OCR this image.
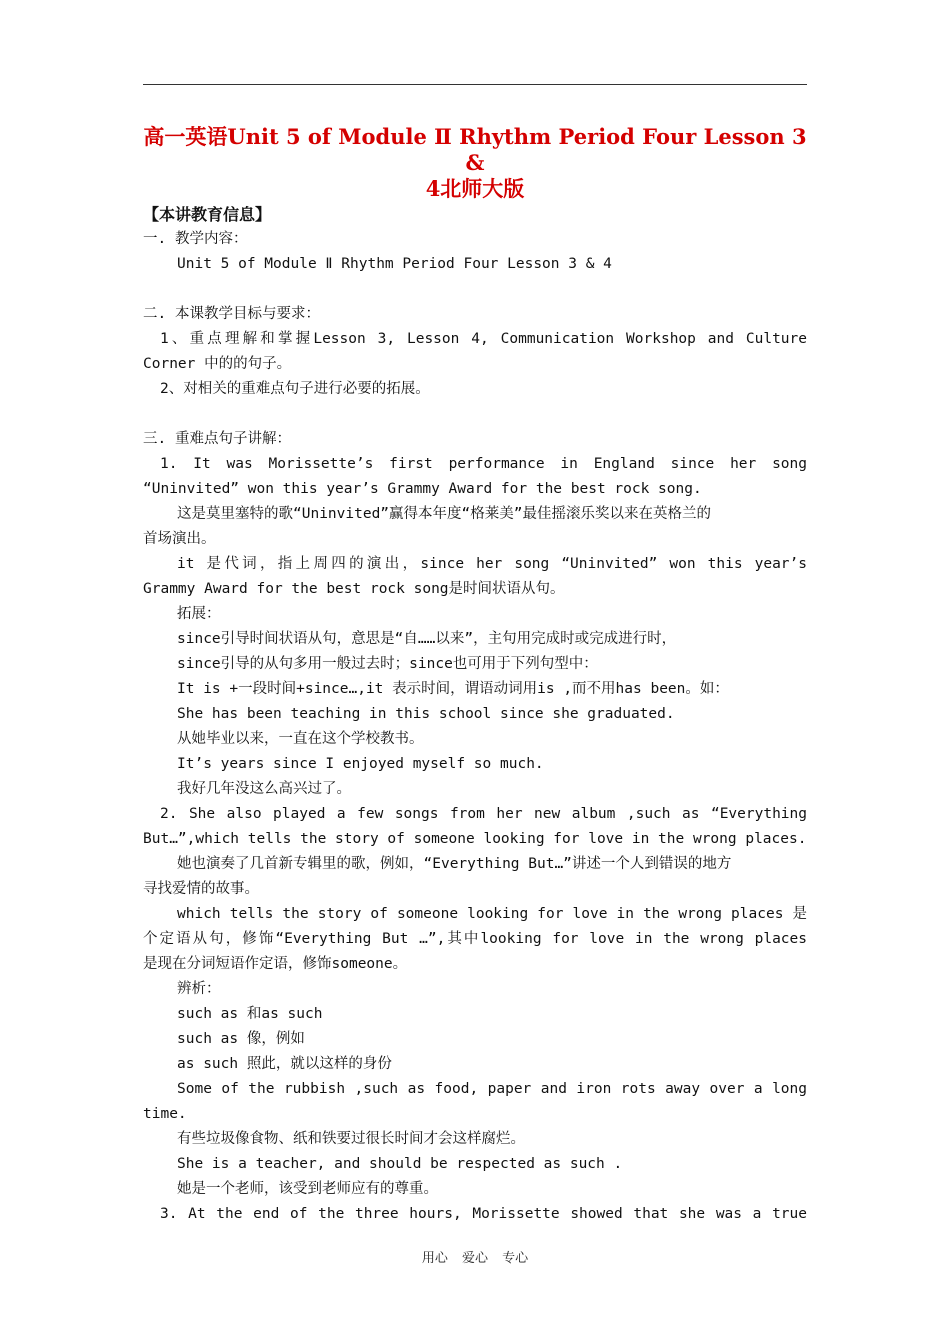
高一英语Unit 5 of Module Ⅱ Rhythm Period Four Lesson 3 &
4北师大版
【本讲教育信息】
一. 教学内容：
Unit 5 of Module Ⅱ Rhythm Period Four Lesson 3 & 4
二. 本课教学目标与要求：
1、重点理解和掌握Lesson 3, Lesson 4, Communication Workshop and Culture
Corner 中的的句子。
2、对相关的重难点句子进行必要的拓展。
三. 重难点句子讲解：
1. It was Morissette’s first performance in England since her song
“Uninvited” won this year’s Grammy Award for the best rock song.
这是莫里塞特的歌“Uninvited”赢得本年度“格莱美”最佳摇滚乐奖以来在英格兰的
首场演出。
it 是代词，指上周四的演出，since her song “Uninvited” won this year’s
Grammy Award for the best rock song是时间状语从句。
拓展：
since引导时间状语从句，意思是“自……以来”，主句用完成时或完成进行时，
since引导的从句多用一般过去时；since也可用于下列句型中：
It is +一段时间+since…,it 表示时间，谓语动词用is ,而不用has been。如：
She has been teaching in this school since she graduated.
从她毕业以来，一直在这个学校教书。
It’s years since I enjoyed myself so much.
我好几年没这么高兴过了。
2. She also played a few songs from her new album ,such as “Everything
But…”,which tells the story of someone looking for love in the wrong places.
她也演奏了几首新专辑里的歌，例如，“Everything But…”讲述一个人到错误的地方
寻找爱情的故事。
which tells the story of someone looking for love in the wrong places 是
个定语从句，修饰“Everything But …”,其中looking for love in the wrong places
是现在分词短语作定语，修饰someone。
辨析：
such as 和as such
such as 像，例如
as such 照此，就以这样的身份
Some of the rubbish ,such as food, paper and iron rots away over a long
time.
有些垃圾像食物、纸和铁要过很长时间才会这样腐烂。
She is a teacher, and should be respected as such .
她是一个老师，该受到老师应有的尊重。
3. At the end of the three hours, Morissette showed that she was a true
用心 爱心 专心
